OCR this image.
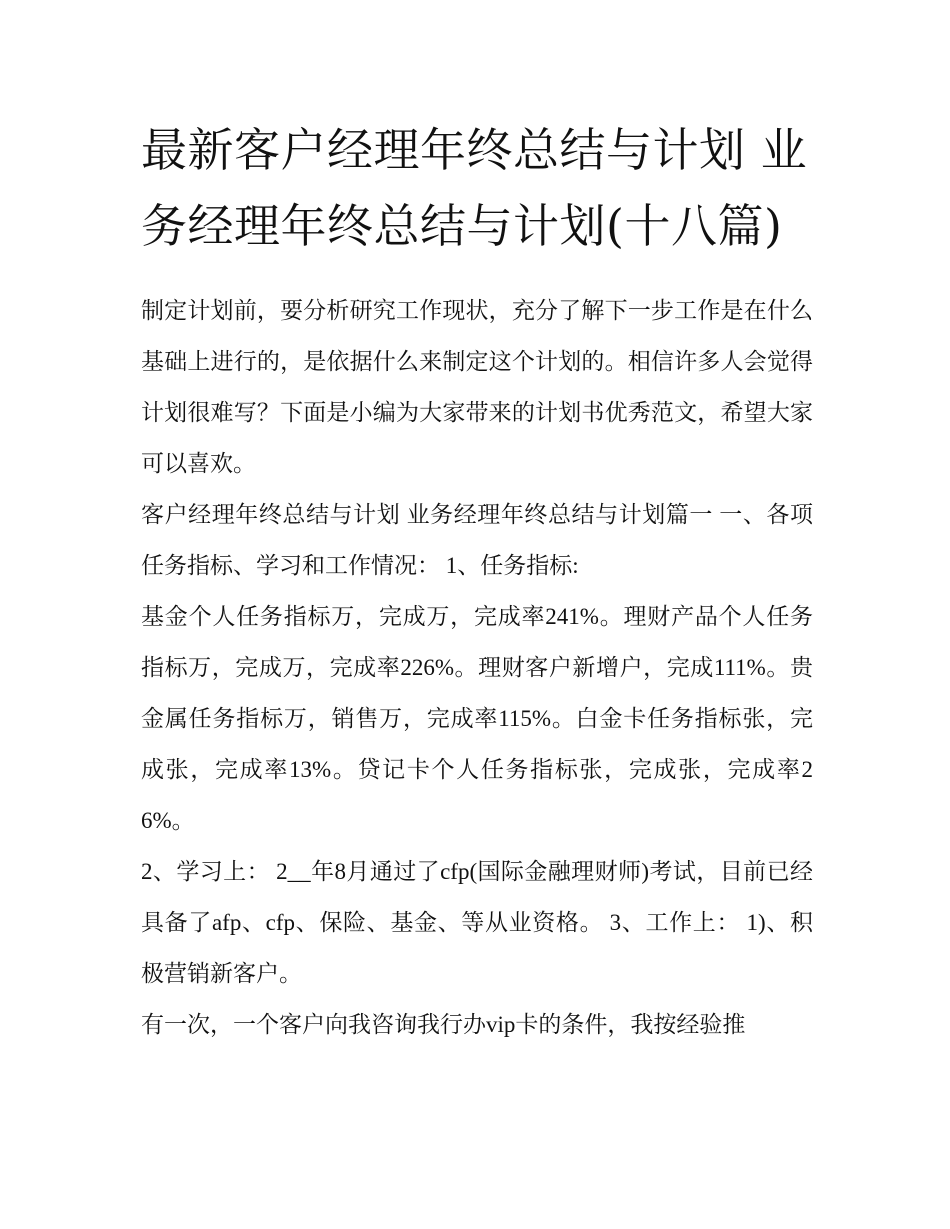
最新客户经理年终总结与计划 业务经理年终总结与计划(十八篇)

制定计划前，要分析研究工作现状，充分了解下一步工作是在什么基础上进行的，是依据什么来制定这个计划的。相信许多人会觉得计划很难写？下面是小编为大家带来的计划书优秀范文，希望大家可以喜欢。

客户经理年终总结与计划 业务经理年终总结与计划篇一 一、各项任务指标、学习和工作情况： 1、任务指标:

基金个人任务指标万，完成万，完成率241%。理财产品个人任务指标万，完成万，完成率226%。理财客户新增户，完成111%。贵金属任务指标万，销售万，完成率115%。白金卡任务指标张，完成张，完成率13%。贷记卡个人任务指标张，完成张，完成率26%。

2、学习上： 2__年8月通过了cfp(国际金融理财师)考试，目前已经具备了afp、cfp、保险、基金、等从业资格。 3、工作上： 1)、积极营销新客户。

有一次，一个客户向我咨询我行办vip卡的条件，我按经验推
